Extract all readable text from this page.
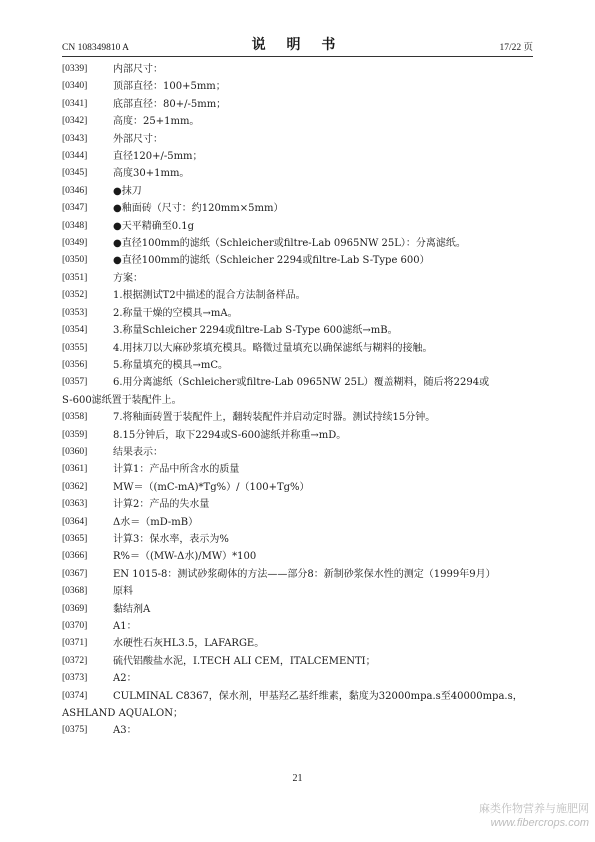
CN 108349810 A	说 明 书	17/22 页
[0339]	内部尺寸：
[0340]	顶部直径：100+5mm；
[0341]	底部直径：80+/-5mm；
[0342]	高度：25+1mm。
[0343]	外部尺寸：
[0344]	直径120+/-5mm；
[0345]	高度30+1mm。
[0346]	●抹刀
[0347]	●釉面砖（尺寸：约120mm×5mm）
[0348]	●天平精确至0.1g
[0349]	●直径100mm的滤纸（Schleicher或filtre-Lab 0965NW 25L）：分离滤纸。
[0350]	●直径100mm的滤纸（Schleicher 2294或filtre-Lab S-Type 600）
[0351]	方案：
[0352]	1.根据测试T2中描述的混合方法制备样品。
[0353]	2.称量干燥的空模具→mA。
[0354]	3.称量Schleicher 2294或filtre-Lab S-Type 600滤纸→mB。
[0355]	4.用抹刀以大麻砂浆填充模具。略微过量填充以确保滤纸与糊料的接触。
[0356]	5.称量填充的模具→mC。
[0357]	6.用分离滤纸（Schleicher或filtre-Lab 0965NW 25L）覆盖糊料，随后将2294或
S-600滤纸置于装配件上。
[0358]	7.将釉面砖置于装配件上，翻转装配件并启动定时器。测试持续15分钟。
[0359]	8.15分钟后，取下2294或S-600滤纸并称重→mD。
[0360]	结果表示：
[0361]	计算1：产品中所含水的质量
[0362]	MW＝（(mC-mA)*Tg%）/（100+Tg%）
[0363]	计算2：产品的失水量
[0364]	Δ水＝（mD-mB）
[0365]	计算3：保水率，表示为%
[0366]	R%＝（(MW-Δ水)/MW）*100
[0367]	EN 1015-8：测试砂浆砌体的方法——部分8：新制砂浆保水性的测定（1999年9月）
[0368]	原料
[0369]	黏结剂A
[0370]	A1：
[0371]	水硬性石灰HL3.5，LAFARGE。
[0372]	硫代铝酸盐水泥，I.TECH ALI CEM，ITALCEMENTI；
[0373]	A2：
[0374]	CULMINAL C8367，保水剂，甲基羟乙基纤维素，黏度为32000mpa.s至40000mpa.s，
ASHLAND AQUALON；
[0375]	A3：
21
麻类作物营养与施肥网
www.fibercrops.com
